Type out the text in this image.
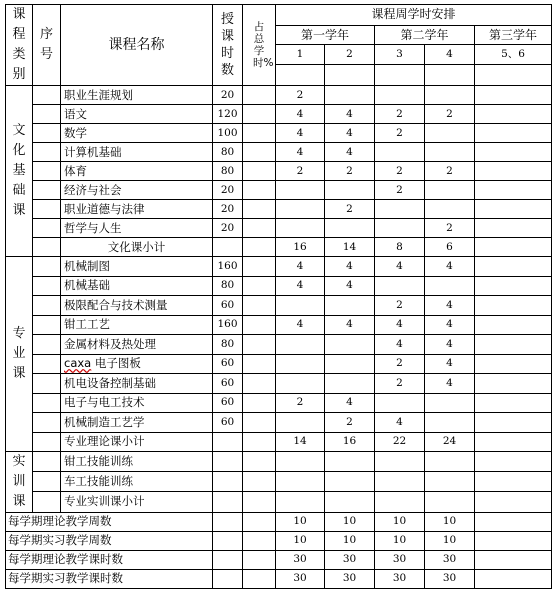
课程类别	序号	课程名称	授课时数	占总学时%	课程周学时安排				
					第一学年		第二学年		第三学年
					1	2	3	4	5、6

文化基础课		职业生涯规划	20		2				
		语文	120		4	4	2	2	
		数学	100		4	4	2		
		计算机基础	80		4	4			
		体育	80		2	2	2	2	
		经济与社会	20				2		
		职业道德与法律	20			2			
		哲学与人生	20					2	
		文化课小计			16	14	8	6	
专业课		机械制图	160		4	4	4	4	
		机械基础	80		4	4			
		极限配合与技术测量	60				2	4	
		钳工工艺	160		4	4	4	4	
		金属材料及热处理	80				4	4	
		caxa 电子图板	60				2	4	
		机电设备控制基础	60				2	4	
		电子与电工技术	60		2	4			
		机械制造工艺学	60			2	4		
		专业理论课小计			14	16	22	24	
实训课		钳工技能训练							
		车工技能训练							
		专业实训课小计							
每学期理论教学周数					10	10	10	10	
每学期实习教学周数					10	10	10	10	
每学期理论教学课时数					30	30	30	30	
每学期实习教学课时数					30	30	30	30	
